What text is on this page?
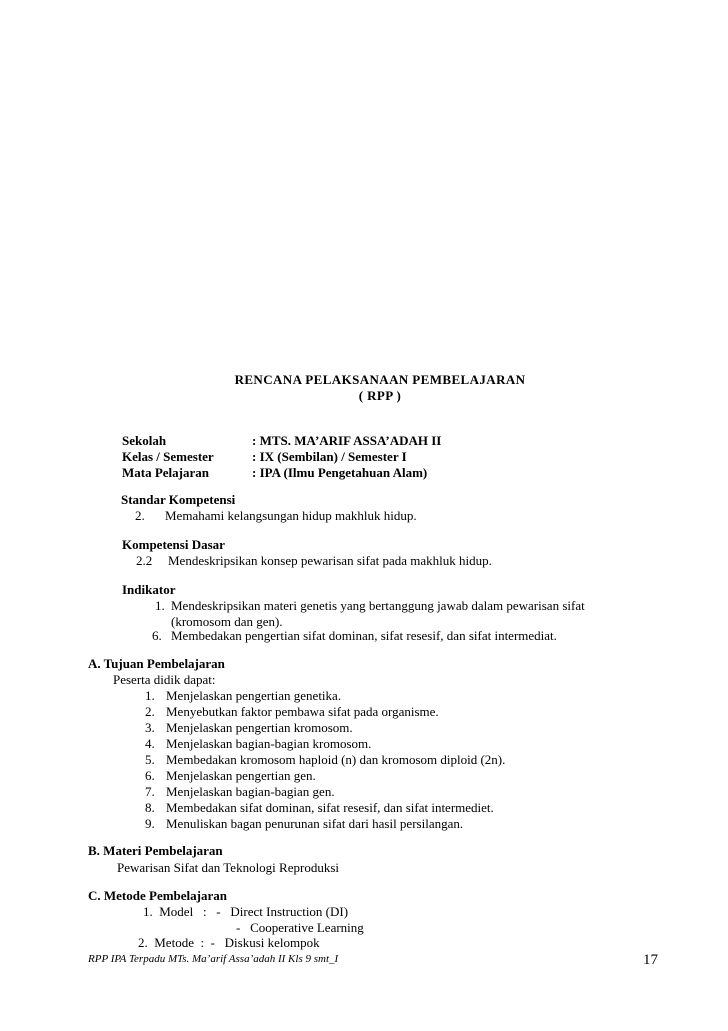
RENCANA PELAKSANAAN PEMBELAJARAN
( RPP )
Sekolah	: MTS. MA’ARIF ASSA’ADAH II
Kelas / Semester	: IX (Sembilan) / Semester I
Mata Pelajaran	: IPA (Ilmu Pengetahuan Alam)
Standar Kompetensi
2. Memahami kelangsungan hidup makhluk hidup.
Kompetensi Dasar
2.2 Mendeskripsikan konsep pewarisan sifat pada makhluk hidup.
Indikator
1. Mendeskripsikan materi genetis yang bertanggung jawab dalam pewarisan sifat
(kromosom dan gen).
6. Membedakan pengertian sifat dominan, sifat resesif, dan sifat intermediat.
A. Tujuan Pembelajaran
Peserta didik dapat:
1. Menjelaskan pengertian genetika.
2. Menyebutkan faktor pembawa sifat pada organisme.
3. Menjelaskan pengertian kromosom.
4. Menjelaskan bagian-bagian kromosom.
5. Membedakan kromosom haploid (n) dan kromosom diploid (2n).
6. Menjelaskan pengertian gen.
7. Menjelaskan bagian-bagian gen.
8. Membedakan sifat dominan, sifat resesif, dan sifat intermediet.
9. Menuliskan bagan penurunan sifat dari hasil persilangan.
B. Materi Pembelajaran
Pewarisan Sifat dan Teknologi Reproduksi
C. Metode Pembelajaran
1.  Model   :   -   Direct Instruction (DI)
-   Cooperative Learning
2.  Metode  :  -   Diskusi kelompok
RPP IPA Terpadu MTs. Ma’arif Assa’adah II Kls 9 smt_I	17
